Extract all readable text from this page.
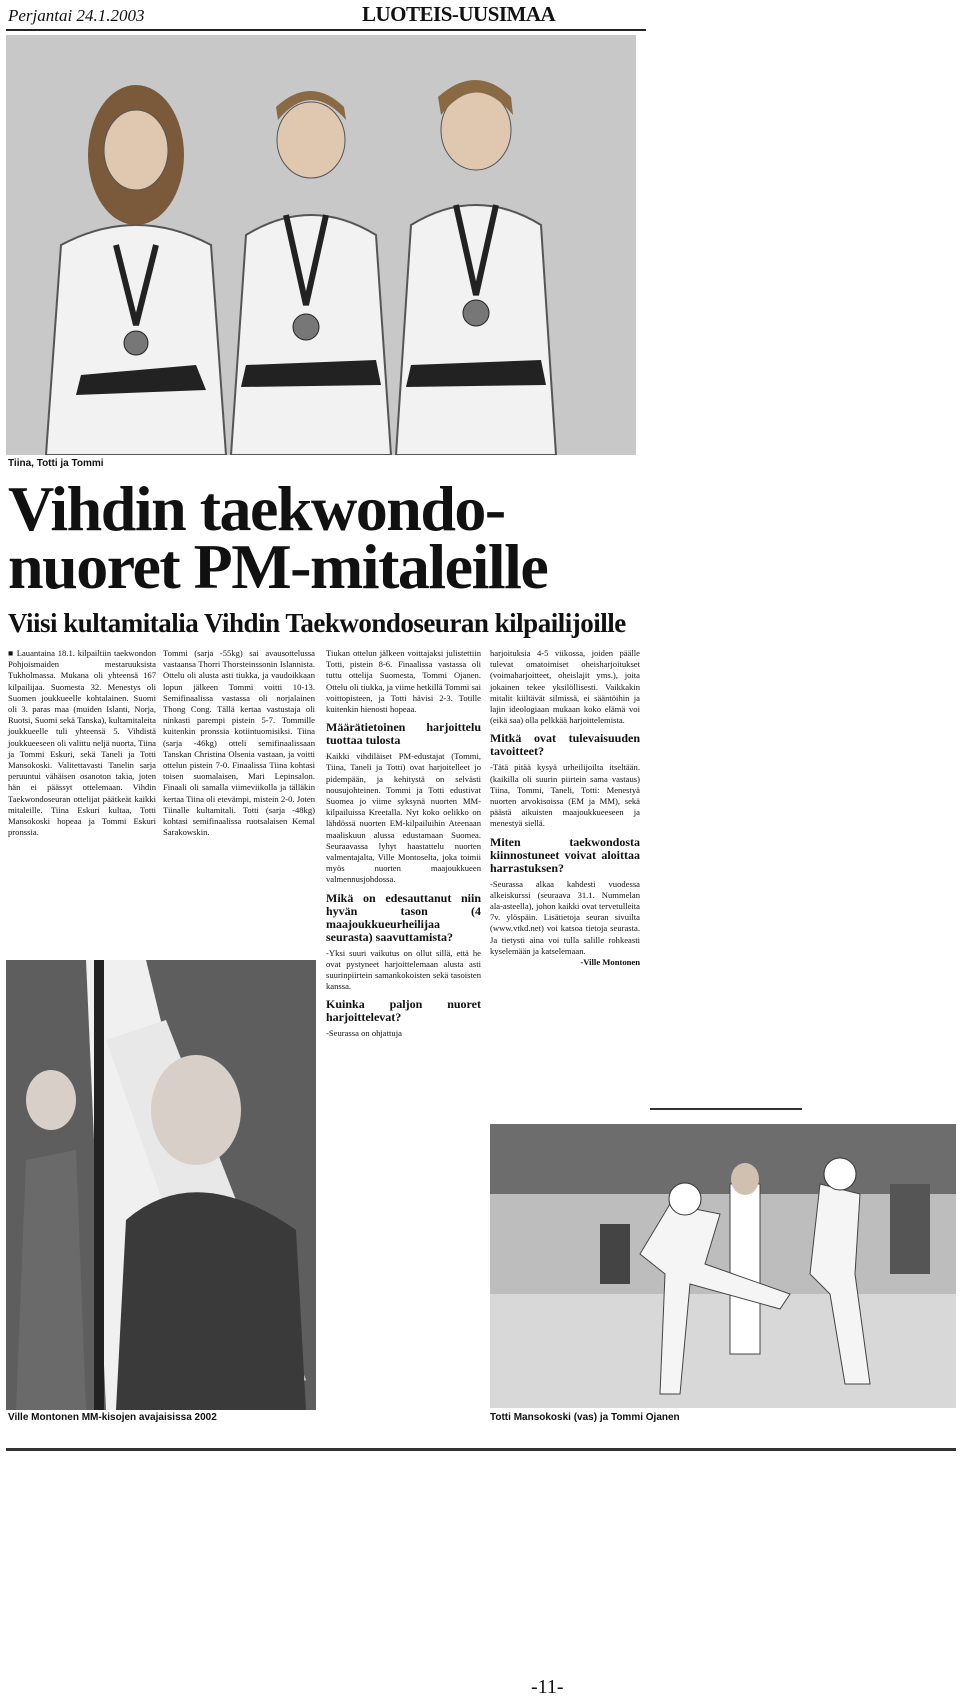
Perjantai 24.1.2003	LUOTEIS-UUSIMAA
Tiina, Totti ja Tommi
Vihdin taekwondo-nuoret PM-mitaleille
Viisi kultamitalia Vihdin Taekwondoseuran kilpailijoille
■ Lauantaina 18.1. kilpailtiin taekwondon Pohjoismaiden mestaruuksista Tukholmassa. Mukana oli yhteensä 167 kilpailijaa. Suomesta 32. Menestys oli Suomen joukkueelle kohtalainen. Suomi oli 3. paras maa (muiden Islanti, Norja, Ruotsi, Suomi sekä Tanska), kultamitaleita joukkueelle tuli yhteensä 5. Vihdistä joukkueeseen oli valittu neljä nuorta, Tiina ja Tommi Eskuri, sekä Taneli ja Totti Mansokoski. Valitettavasti Tanelin sarja peruuntui vähäisen osanoton takia, joten hän ei päässyt ottelemaan. Vihdin Taekwondoseuran ottelijat päätkeät kaikki mitaleille. Tiina Eskuri kultaa, Totti Mansokoski hopeaa ja Tommi Eskuri pronssia.
Tommi (sarja -55kg) sai avausottelussa vastaansa Thorri Thorsteinssonin Islannista. Ottelu oli alusta asti tiukka, ja vaudoikkaan lopun jälkeen Tommi voitti 10-13. Semifinaalissa vastassa oli norjalainen Thong Cong. Tällä kertaa vastustaja oli ninkasti parempi pistein 5-7. Tommille kuitenkin pronssia kotiintuomisiksi. Tiina (sarja -46kg) otteli semifinaalissaan Tanskan Christina Olsenia vastaan, ja voitti ottelun pistein 7-0. Finaalissa Tiina kohtasi toisen suomalaisen, Mari Lepinsalon. Finaali oli samalla viimeviikolla ja tälläkin kertaa Tiina oli etevämpi, mistein 2-0. Joten Tiinalle kultamitali. Totti (sarja -48kg) kohtasi semifinaalissa ruotsalaisen Kemal Sarakowskin.
Tiukan ottelun jälkeen voittajaksi julistettiin Totti, pistein 8-6. Finaalissa vastassa oli tuttu ottelija Suomesta, Tommi Ojanen. Ottelu oli tiukka, ja viime hetkillä Tommi sai voittopisteen, ja Totti hävisi 2-3. Totille kuitenkin hienosti hopeaa.
Määrätietoinen harjoittelu tuottaa tulosta
Kaikki vihdiläiset PM-edustajat (Tommi, Tiina, Taneli ja Totti) ovat harjoitelleet jo pidempään, ja kehitystä on selvästi nousujohteinen. Tommi ja Totti edustivat Suomea jo viime syksynä nuorten MM-kilpailuissa Kreetalla. Nyt koko oelikko on lähdössä nuorten EM-kilpailuihin Ateenaan maaliskuun alussa edustamaan Suomea. Seuraavassa lyhyt haastattelu nuorten valmentajalta, Ville Montoselta, joka toimii myös nuorten maajoukkueen valmennusjohdossa.
Mikä on edesauttanut niin hyvän tason (4 maajoukkueurheilijaa seurasta) saavuttamista?
-Yksi suuri vaikutus on ollut sillä, että he ovat pystyneet harjoittelemaan alusta asti suurinpiirtein samankokoisten sekä tasoisten kanssa.
Kuinka paljon nuoret harjoittelevat?
-Seurassa on ohjattuja
harjoituksia 4-5 viikossa, joiden päälle tulevat omatoimiset oheisharjoitukset (voimaharjoitteet, oheislajit yms.), joita jokainen tekee yksilöllisesti. Vaikkakin mitalit kiiltävät silmissä, ei sääntöihin ja lajin ideologiaan mukaan koko elämä voi (eikä saa) olla pelkkää harjoittelemista.
Mitkä ovat tulevaisuuden tavoitteet?
-Tätä pitää kysyä urheilijoilta itseltään. (kaikilla oli suurin piirtein sama vastaus) Tiina, Tommi, Taneli, Totti: Menestyä nuorten arvokisoissa (EM ja MM), sekä päästä aikuisten maajoukkueeseen ja menestyä siellä.
Miten taekwondosta kiinnostuneet voivat aloittaa harrastuksen?
-Seurassa alkaa kahdesti vuodessa alkeiskurssi (seuraava 31.1. Nummelan ala-asteella), johon kaikki ovat tervetulleita 7v. ylöspäin. Lisätietoja seuran sivuilta (www.vtkd.net) voi katsoa tietoja seurasta. Ja tietysti aina voi tulla salille rohkeasti kyselemään ja katselemaan.
-Ville Montonen
Ville Montonen MM-kisojen avajaisissa 2002	Totti Mansokoski (vas) ja Tommi Ojanen
-11-
